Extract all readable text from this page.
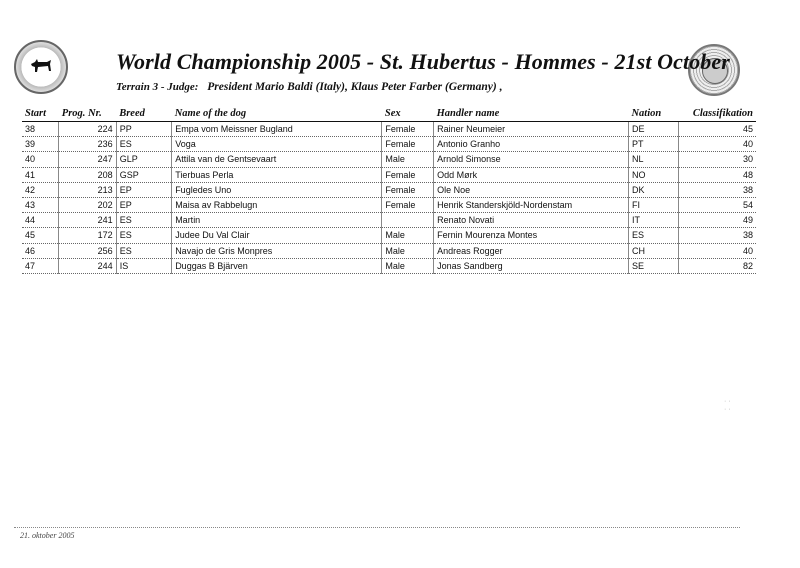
World Championship 2005 - St. Hubertus - Hommes - 21st October
Terrain 3 - Judge: President Mario Baldi (Italy), Klaus Peter Farber (Germany) ,
Start	Prog. Nr.	Breed	Name of the dog	Sex	Handler name	Nation	Classifikation
38	224	PP	Empa vom Meissner Bugland	Female	Rainer Neumeier	DE	45
39	236	ES	Voga	Female	Antonio Granho	PT	40
40	247	GLP	Attila van de Gentsevaart	Male	Arnold Simonse	NL	30
41	208	GSP	Tierbuas Perla	Female	Odd Mørk	NO	48
42	213	EP	Fugledes Uno	Female	Ole Noe	DK	38
43	202	EP	Maisa av Rabbelugn	Female	Henrik Standerskjöld-Nordenstam	FI	54
44	241	ES	Martin		Renato Novati	IT	49
45	172	ES	Judee Du Val Clair	Male	Fernin Mourenza Montes	ES	38
46	256	ES	Navajo de Gris Monpres	Male	Andreas Rogger	CH	40
47	244	IS	Duggas B Bjärven	Male	Jonas Sandberg	SE	82
· ·
· ·
21. oktober 2005
